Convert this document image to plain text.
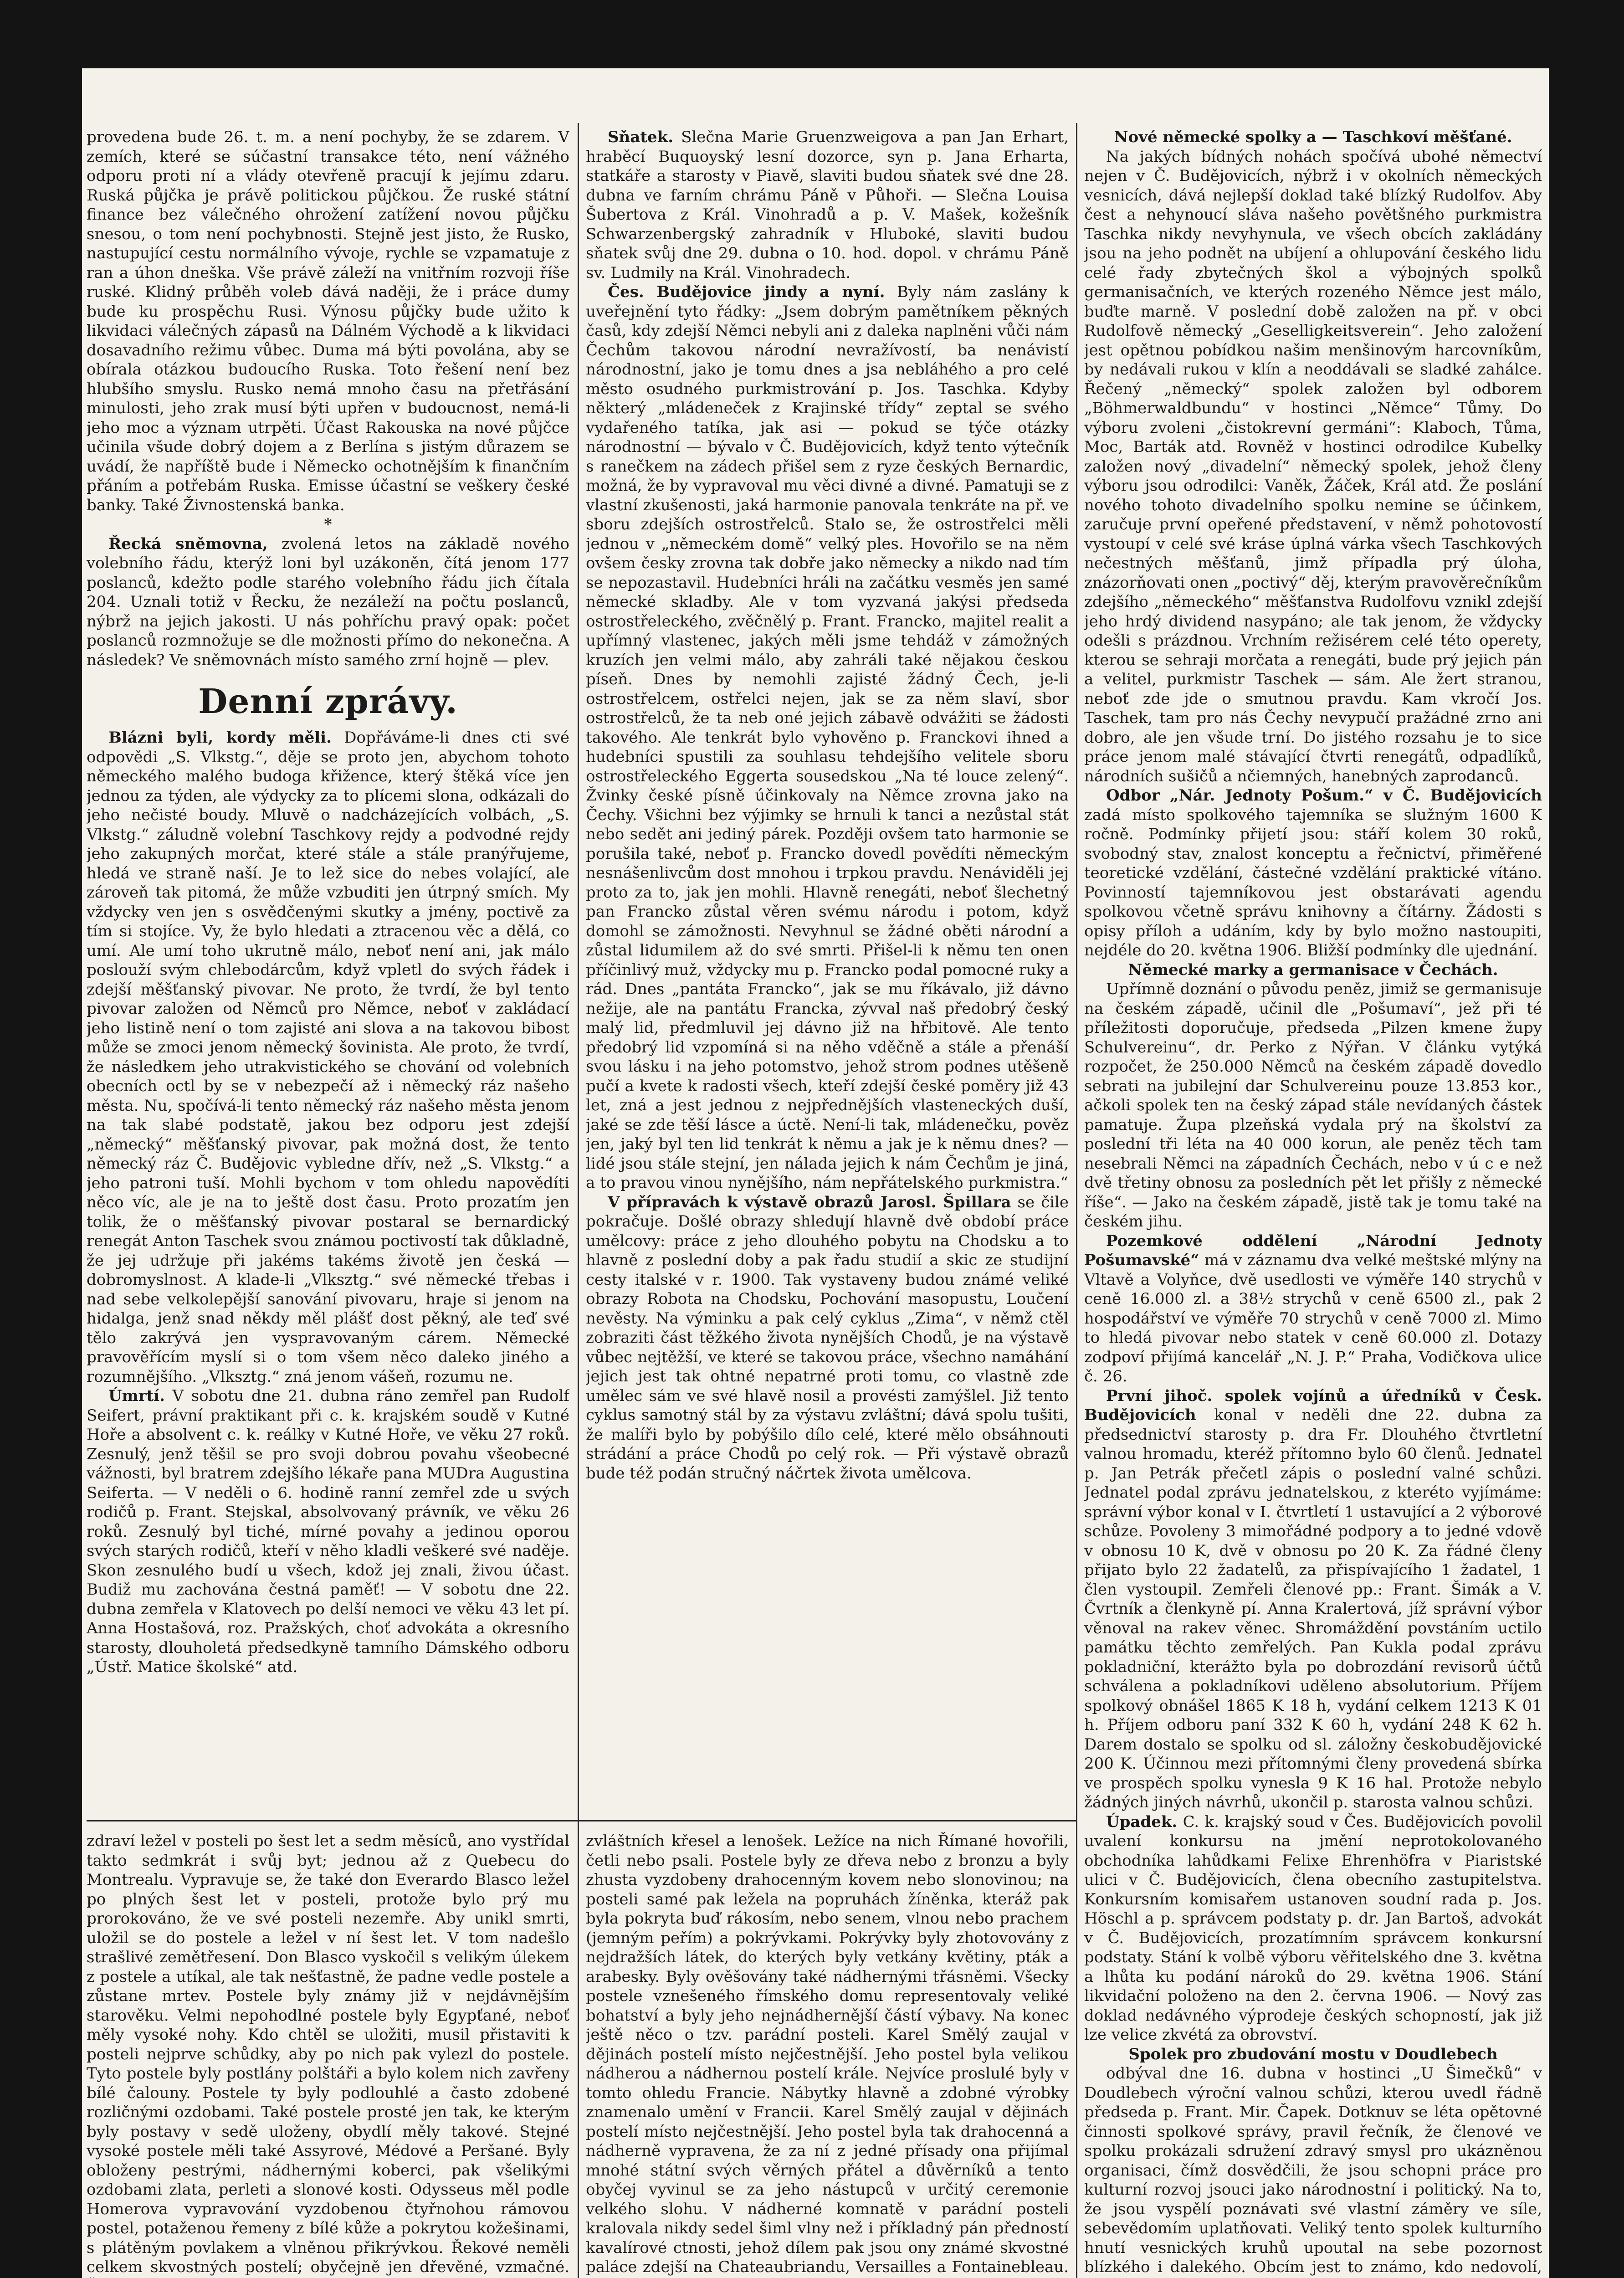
provedena bude 26. t. m. a není pochyby, že se zdarem. V zemích, které se súčastní transakce této, není vážného odporu proti ní a vlády otevřeně pracují k jejímu zdaru. Ruská půjčka je právě politickou půjčkou. Že ruské státní finance bez válečného ohrožení zatížení novou půjčku snesou, o tom není pochybnosti. Stejně jest jisto, že Rusko, nastupující cestu normálního vývoje, rychle se vzpamatuje z ran a úhon dneška. Vše právě záleží na vnitřním rozvoji říše ruské. Klidný průběh voleb dává naději, že i práce dumy bude ku prospěchu Rusi. Výnosu půjčky bude užito k likvidaci válečných zápasů na Dálném Východě a k likvidaci dosavadního režimu vůbec. Duma má býti povolána, aby se obírala otázkou budoucího Ruska. Toto řešení není bez hlubšího smyslu. Rusko nemá mnoho času na přetřásání minulosti, jeho zrak musí býti upřen v budoucnost, nemá-li jeho moc a význam utrpěti. Účast Rakouska na nové půjčce učinila všude dobrý dojem a z Berlína s jistým důrazem se uvádí, že napříště bude i Německo ochotnějším k finančním přáním a potřebám Ruska. Emisse účastní se veškery české banky. Také Živnostenská banka.

*

Řecká sněmovna, zvolená letos na základě nového volebního řádu, kterýž loni byl uzákoněn, čítá jenom 177 poslanců, kdežto podle starého volebního řádu jich čítala 204. Uznali totiž v Řecku, že nezáleží na počtu poslanců, nýbrž na jejich jakosti. U nás pohříchu pravý opak: počet poslanců rozmnožuje se dle možnosti přímo do nekonečna. A následek? Ve sněmovnách místo samého zrní hojně — plev.

Denní zprávy.

Blázni byli, kordy měli. Dopřáváme-li dnes cti své odpovědi „S. Vlkstg.“, děje se proto jen, abychom tohoto německého malého budoga křižence, který štěká více jen jednou za týden, ale výdycky za to plícemi slona, odkázali do jeho nečisté boudy. Mluvě o nadcházejících volbách, „S. Vlkstg.“ záludně volební Taschkovy rejdy a podvodné rejdy jeho zakupných morčat, které stále a stále pranýřujeme, hledá ve straně naší. Je to lež sice do nebes volající, ale zároveň tak pitomá, že může vzbuditi jen útrpný smích. My vždycky ven jen s osvědčenými skutky a jmény, poctivě za tím si stojíce. Vy, že bylo hledati a ztracenou věc a dělá, co umí. Ale umí toho ukrutně málo, neboť není ani, jak málo poslouží svým chlebodárcům, když vpletl do svých řádek i zdejší měšťanský pivovar. Ne proto, že tvrdí, že byl tento pivovar založen od Němců pro Němce, neboť v zakládací jeho listině není o tom zajisté ani slova a na takovou bibost může se zmoci jenom německý šovinista. Ale proto, že tvrdí, že následkem jeho utrakvistického se chování od volebních obecních octl by se v nebezpečí až i německý ráz našeho města. Nu, spočívá-li tento německý ráz našeho města jenom na tak slabé podstatě, jakou bez odporu jest zdejší „německý“ měšťanský pivovar, pak možná dost, že tento německý ráz Č. Budějovic vybledne dřív, než „S. Vlkstg.“ a jeho patroni tuší. Mohli bychom v tom ohledu napovědíti něco víc, ale je na to ještě dost času. Proto prozatím jen tolik, že o měšťanský pivovar postaral se bernardický renegát Anton Taschek svou známou poctivostí tak důkladně, že jej udržuje při jakéms takéms životě jen česká — dobromyslnost. A klade-li „Vlksztg.“ své německé třebas i nad sebe velkolepější sanování pivovaru, hraje si jenom na hidalga, jenž snad někdy měl plášť dost pěkný, ale teď své tělo zakrývá jen vyspravovaným cárem. Německé pravověřícím myslí si o tom všem něco daleko jiného a rozumnějšího. „Vlksztg.“ zná jenom vášeň, rozumu ne.

Úmrtí. V sobotu dne 21. dubna ráno zemřel pan Rudolf Seifert, právní praktikant při c. k. krajském soudě v Kutné Hoře a absolvent c. k. reálky v Kutné Hoře, ve věku 27 roků. Zesnulý, jenž těšil se pro svoji dobrou povahu všeobecné vážnosti, byl bratrem zdejšího lékaře pana MUDra Augustina Seiferta. — V neděli o 6. hodině ranní zemřel zde u svých rodičů p. Frant. Stejskal, absolvovaný právník, ve věku 26 roků. Zesnulý byl tiché, mírné povahy a jedinou oporou svých starých rodičů, kteří v něho kladli veškeré své naděje. Skon zesnulého budí u všech, kdož jej znali, živou účast. Budiž mu zachována čestná paměť! — V sobotu dne 22. dubna zemřela v Klatovech po delší nemoci ve věku 43 let pí. Anna Hostašová, roz. Pražských, choť advokáta a okresního starosty, dlouholetá předsedkyně tamního Dámského odboru „Ústř. Matice školské“ atd.

Sňatek. Slečna Marie Gruenzweigova a pan Jan Erhart, hraběcí Buquoyský lesní dozorce, syn p. Jana Erharta, statkáře a starosty v Piavě, slaviti budou sňatek své dne 28. dubna ve farním chrámu Páně v Půhoři. — Slečna Louisa Šubertova z Král. Vinohradů a p. V. Mašek, kožešník Schwarzenbergský zahradník v Hluboké, slaviti budou sňatek svůj dne 29. dubna o 10. hod. dopol. v chrámu Páně sv. Ludmily na Král. Vinohradech.

Čes. Budějovice jindy a nyní. Byly nám zaslány k uveřejnění tyto řádky: „Jsem dobrým pamětníkem pěkných časů, kdy zdejší Němci nebyli ani z daleka naplněni vůči nám Čechům takovou národní nevražívostí, ba nenávistí národnostní, jako je tomu dnes a jsa nebláhého a pro celé město osudného purkmistrování p. Jos. Taschka. Kdyby některý „mládeneček z Krajinské třídy“ zeptal se svého vydařeného tatíka, jak asi — pokud se týče otázky národnostní — bývalo v Č. Budějovicích, když tento výtečník s ranečkem na zádech přišel sem z ryze českých Bernardic, možná, že by vypravoval mu věci divné a divné. Pamatuji se z vlastní zkušenosti, jaká harmonie panovala tenkráte na př. ve sboru zdejších ostrostřelců. Stalo se, že ostrostřelci měli jednou v „německém domě“ velký ples. Hovořilo se na něm ovšem česky zrovna tak dobře jako německy a nikdo nad tím se nepozastavil. Hudebníci hráli na začátku vesměs jen samé německé skladby. Ale v tom vyzvaná jakýsi předseda ostrostřeleckého, zvěčnělý p. Frant. Francko, majitel realit a upřímný vlastenec, jakých měli jsme tehdáž v zámožných kruzích jen velmi málo, aby zahráli také nějakou českou píseň. Dnes by nemohli zajisté žádný Čech, je-li ostrostřelcem, ostřelci nejen, jak se za něm slaví, sbor ostrostřelců, že ta neb oné jejich zábavě odvážiti se žádosti takového. Ale tenkrát bylo vyhověno p. Franckovi ihned a hudebníci spustili za souhlasu tehdejšího velitele sboru ostrostřeleckého Eggerta sousedskou „Na té louce zelený“. Žvinky české písně účinkovaly na Němce zrovna jako na Čechy. Všichni bez výjimky se hrnuli k tanci a nezůstal stát nebo sedět ani jediný párek. Později ovšem tato harmonie se porušila také, neboť p. Francko dovedl povědíti německým nesnášenlivcům dost mnohou i trpkou pravdu. Nenáviděli jej proto za to, jak jen mohli. Hlavně renegáti, neboť šlechetný pan Francko zůstal věren svému národu i potom, když domohl se zámožnosti. Nevyhnul se žádné oběti národní a zůstal lidumilem až do své smrti. Přišel-li k němu ten onen příčinlivý muž, vždycky mu p. Francko podal pomocné ruky a rád. Dnes „pantáta Francko“, jak se mu říkávalo, již dávno nežije, ale na pantátu Francka, zývval naš předobrý český malý lid, předmluvil jej dávno již na hřbitově. Ale tento předobrý lid vzpomíná si na něho vděčně a stále a přenáší svou lásku i na jeho potomstvo, jehož strom podnes utěšeně pučí a kvete k radosti všech, kteří zdejší české poměry již 43 let, zná a jest jednou z nejpřednějších vlasteneckých duší, jaké se zde těší lásce a úctě. Není-li tak, mládenečku, pověz jen, jaký byl ten lid tenkrát k němu a jak je k němu dnes? — lidé jsou stále stejní, jen nálada jejich k nám Čechům je jiná, a to pravou vinou nynějšího, nám nepřátelského purkmistra.“

V přípravách k výstavě obrazů Jarosl. Špillara se čile pokračuje. Došlé obrazy shledují hlavně dvě období práce umělcovy: práce z jeho dlouhého pobytu na Chodsku a to hlavně z poslední doby a pak řadu studií a skic ze studijní cesty italské v r. 1900. Tak vystaveny budou známé veliké obrazy Robota na Chodsku, Pochování masopustu, Loučení nevěsty. Na výminku a pak celý cyklus „Zima“, v němž ctěl zobraziti část těžkého života nynějších Chodů, je na výstavě vůbec nejtěžší, ve které se takovou práce, všechno namáhání jejich jest tak ohtné nepatrné proti tomu, co vlastně zde umělec sám ve své hlavě nosil a provésti zamýšlel. Již tento cyklus samotný stál by za výstavu zvláštní; dává spolu tušiti, že malíři bylo by pobýšilo dílo celé, které mělo obsáhnouti strádání a práce Chodů po celý rok. — Při výstavě obrazů bude též podán stručný náčrtek života umělcova.

Nové německé spolky a — Taschkoví měšťané.

Na jakých bídných nohách spočívá ubohé němectví nejen v Č. Budějovicích, nýbrž i v okolních německých vesnicích, dává nejlepší doklad také blízký Rudolfov. Aby čest a nehynoucí sláva našeho povětšného purkmistra Taschka nikdy nevyhynula, ve všech obcích zakládány jsou na jeho podnět na ubíjení a ohlupování českého lidu celé řady zbytečných škol a výbojných spolků germanisačních, ve kterých rozeného Němce jest málo, buďte marně. V poslední době založen na př. v obci Rudolfově německý „Geselligkeitsverein“. Jeho založení jest opětnou pobídkou našim menšinovým harcovníkům, by nedávali rukou v klín a neoddávali se sladké zahálce. Řečený „německý“ spolek založen byl odborem „Böhmerwaldbundu“ v hostinci „Němce“ Tůmy. Do výboru zvoleni „čistokrevní germáni“: Klaboch, Tůma, Moc, Barták atd. Rovněž v hostinci odrodilce Kubelky založen nový „divadelní“ německý spolek, jehož členy výboru jsou odrodilci: Vaněk, Žáček, Král atd. Že poslání nového tohoto divadelního spolku nemine se účinkem, zaručuje první opeřené představení, v němž pohotovostí vystoupí v celé své kráse úplná várka všech Taschkových nečestných měšťanů, jimž případla prý úloha, znázorňovati onen „poctivý“ děj, kterým pravověrečníkům zdejšího „německého“ měšťanstva Rudolfovu vznikl zdejší jeho hrdý dividend nasypáno; ale tak jenom, že vždycky odešli s prázdnou. Vrchním režisérem celé této operety, kterou se sehraji morčata a renegáti, bude prý jejich pán a velitel, purkmistr Taschek — sám. Ale žert stranou, neboť zde jde o smutnou pravdu. Kam vkročí Jos. Taschek, tam pro nás Čechy nevypučí pražádné zrno ani dobro, ale jen všude trní. Do jistého rozsahu je to sice práce jenom malé stávající čtvrti renegátů, odpadlíků, národních sušičů a nčiemných, hanebných zaprodanců.

Odbor „Nár. Jednoty Pošum.“ v Č. Budějovicích zadá místo spolkového tajemníka se služným 1600 K ročně. Podmínky přijetí jsou: stáří kolem 30 roků, svobodný stav, znalost konceptu a řečnictví, přiměřené teoretické vzdělání, částečné vzdělání praktické vítáno. Povinností tajemníkovou jest obstarávati agendu spolkovou včetně správu knihovny a čítárny. Žádosti s opisy příloh a udáním, kdy by bylo možno nastoupiti, nejdéle do 20. května 1906. Bližší podmínky dle ujednání.

Německé marky a germanisace v Čechách.

Upřímně doznání o původu peněz, jimiž se germanisuje na českém západě, učinil dle „Pošumaví“, jež při té příležitosti doporučuje, předseda „Pilzen kmene župy Schulvereinu“, dr. Perko z Nýřan. V článku vytýká rozpočet, že 250.000 Němců na českém západě dovedlo sebrati na jubilejní dar Schulvereinu pouze 13.853 kor., ačkoli spolek ten na český západ stále nevídaných částek pamatuje. Župa plzeňská vydala prý na školství za poslední tři léta na 40 000 korun, ale peněz těch tam nesebrali Němci na západních Čechách, nebo v ú c e než dvě třetiny obnosu za posledních pět let přišly z německé říše“. — Jako na českém západě, jistě tak je tomu také na českém jihu.

Pozemkové oddělení „Národní Jednoty Pošumavské“ má v záznamu dva velké meštské mlýny na Vltavě a Volyňce, dvě usedlosti ve výměře 140 strychů v ceně 16.000 zl. a 38½ strychů v ceně 6500 zl., pak 2 hospodářství ve výměře 70 strychů v ceně 7000 zl. Mimo to hledá pivovar nebo statek v ceně 60.000 zl. Dotazy zodpoví přijímá kancelář „N. J. P.“ Praha, Vodičkova ulice č. 26.

První jihoč. spolek vojínů a úředníků v Česk. Budějovicích konal v neděli dne 22. dubna za předsednictví starosty p. dra Fr. Dlouhého čtvrtletní valnou hromadu, kteréž přítomno bylo 60 členů. Jednatel p. Jan Petrák přečetl zápis o poslední valné schůzi. Jednatel podal zprávu jednatelskou, z kteréto vyjímáme: správní výbor konal v I. čtvrtletí 1 ustavující a 2 výborové schůze. Povoleny 3 mimořádné podpory a to jedné vdově v obnosu 10 K, dvě v obnosu po 20 K. Za řádné členy přijato bylo 22 žadatelů, za přispívajícího 1 žadatel, 1 člen vystoupil. Zemřeli členové pp.: Frant. Šimák a V. Čvrtník a členkyně pí. Anna Kralertová, jíž správní výbor věnoval na rakev věnec. Shromáždění povstáním uctilo památku těchto zemřelých. Pan Kukla podal zprávu pokladniční, kterážto byla po dobrozdání revisorů účtů schválena a pokladníkovi uděleno absolutorium. Příjem spolkový obnášel 1865 K 18 h, vydání celkem 1213 K 01 h. Příjem odboru paní 332 K 60 h, vydání 248 K 62 h. Darem dostalo se spolku od sl. záložny českobudějovické 200 K. Účinnou mezi přítomnými členy provedená sbírka ve prospěch spolku vynesla 9 K 16 hal. Protože nebylo žádných jiných návrhů, ukončil p. starosta valnou schůzi.

Úpadek. C. k. krajský soud v Čes. Budějovicích povolil uvalení konkursu na jmění neprotokolovaného obchodníka lahůdkami Felixe Ehrenhöfra v Piaristské ulici v Č. Budějovicích, člena obecního zastupitelstva. Konkursním komisařem ustanoven soudní rada p. Jos. Höschl a p. správcem podstaty p. dr. Jan Bartoš, advokát v Č. Budějovicích, prozatímním správcem konkursní podstaty. Stání k volbě výboru věřitelského dne 3. května a lhůta ku podání nároků do 29. května 1906. Stání likvidační položeno na den 2. června 1906. — Nový zas doklad nedávného výprodeje českých schopností, jak již lze velice zkvétá za obrovství.

Spolek pro zbudování mostu v Doudlebech

odbýval dne 16. dubna v hostinci „U Šimečků“ v Doudlebech výroční valnou schůzi, kterou uvedl řádně předseda p. Frant. Mir. Čapek. Dotknuv se léta opětovné činnosti spolkové správy, pravil řečník, že členové ve spolku prokázali sdružení zdravý smysl pro ukázněnou organisaci, čímž dosvědčili, že jsou schopni práce pro kulturní rozvoj jsouci jako národnostní i politický. Na to, že jsou vyspělí poznávati své vlastní záměry ve síle, sebevědomím uplatňovati. Veliký tento spolek kulturního hnutí vesnických kruhů upoutal na sebe pozornost blízkého i dalekého. Obcím jest to známo, kdo nedovolí,

zdraví ležel v posteli po šest let a sedm měsíců, ano vystřídal takto sedmkrát i svůj byt; jednou až z Quebecu do Montrealu. Vypravuje se, že také don Everardo Blasco ležel po plných šest let v posteli, protože bylo prý mu prorokováno, že ve své posteli nezemře. Aby unikl smrti, uložil se do postele a ležel v ní šest let. V tom nadešlo strašlivé zemětřesení. Don Blasco vyskočil s velikým úlekem z postele a utíkal, ale tak nešťastně, že padne vedle postele a zůstane mrtev. Postele byly známy již v nejdávnějším starověku. Velmi nepohodlné postele byly Egypťané, neboť měly vysoké nohy. Kdo chtěl se uložiti, musil přistaviti k posteli nejprve schůdky, aby po nich pak vylezl do postele. Tyto postele byly postlány polštáři a bylo kolem nich zavřeny bílé čalouny. Postele ty byly podlouhlé a často zdobené rozličnými ozdobami. Také postele prosté jen tak, ke kterým byly postavy v sedě uloženy, obydlí měly takové. Stejné vysoké postele měli také Assyrové, Médové a Peršané. Byly obloženy pestrými, nádhernými koberci, pak všelikými ozdobami zlata, perleti a slonové kosti. Odysseus měl podle Homerova vypravování vyzdobenou čtyřnohou rámovou postel, potaženou řemeny z bílé kůže a pokrytou kožešinami, s plátěným povlakem a vlněnou přikrývkou. Řekové neměli celkem skvostných postelí; obyčejně jen dřevěné, vzmačné.

zvláštních křesel a lenošek. Ležíce na nich Římané hovořili, četli nebo psali. Postele byly ze dřeva nebo z bronzu a byly zhusta vyzdobeny drahocenným kovem nebo slonovinou; na posteli samé pak ležela na popruhách žíněnka, kteráž pak byla pokryta buď rákosím, nebo senem, vlnou nebo prachem (jemným peřím) a pokrývkami. Pokrývky byly zhotovovány z nejdražších látek, do kterých byly vetkány květiny, pták a arabesky. Byly ověšovány také nádhernými třásněmi. Všecky postele vznešeného římského domu representovaly veliké bohatství a byly jeho nejnádhernější částí výbavy. Na konec ještě něco o tzv. parádní posteli. Karel Smělý zaujal v dějinách postelí místo nejčestnější. Jeho postel byla velikou nádherou a nádhernou postelí krále. Nejvíce proslulé byly v tomto ohledu Francie. Nábytky hlavně a zdobné výrobky znamenalo umění v Francii. Karel Smělý zaujal v dějinách postelí místo nejčestnější. Jeho postel byla tak drahocenná a nádherně vypravena, že za ní z jedné přísady ona přijímal mnohé státní svých věrných přátel a důvěrníků a tento obyčej vyvinul se za jeho nástupců v určitý ceremonie velkého slohu. V nádherné komnatě v parádní posteli kralovala nikdy sedel šiml vlny než i příkladný pán předností kavalírové ctnosti, jehož dílem pak jsou ony známé skvostné paláce zdejší na Chateaubriandu, Versailles a Fontainebleau.
